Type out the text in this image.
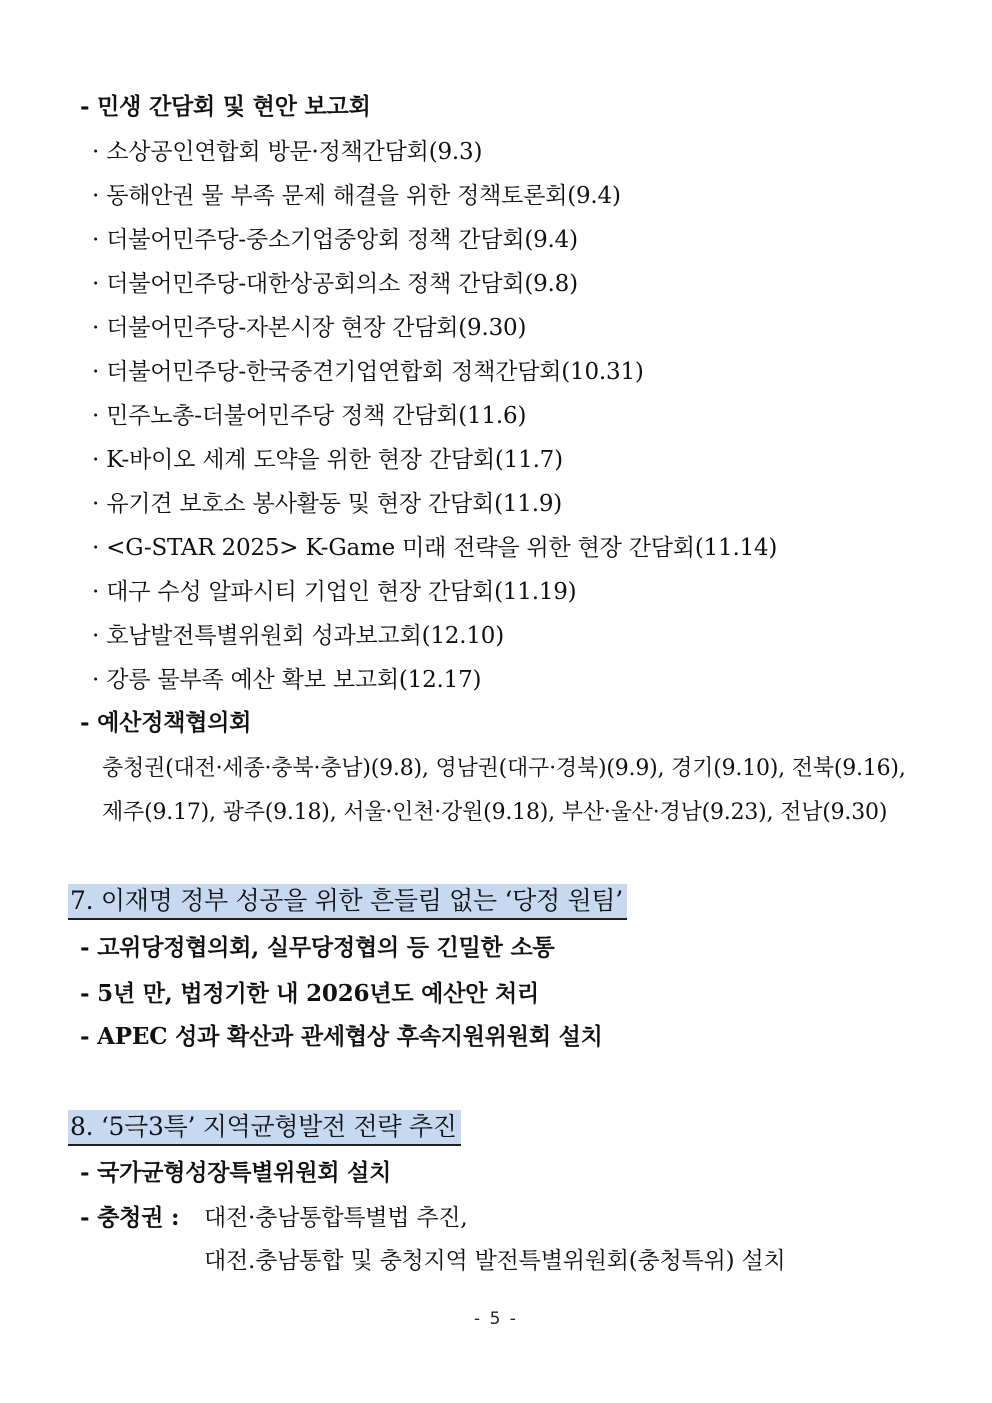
- 민생 간담회 및 현안 보고회
· 소상공인연합회 방문·정책간담회(9.3)
· 동해안권 물 부족 문제 해결을 위한 정책토론회(9.4)
· 더불어민주당-중소기업중앙회 정책 간담회(9.4)
· 더불어민주당-대한상공회의소 정책 간담회(9.8)
· 더불어민주당-자본시장 현장 간담회(9.30)
· 더불어민주당-한국중견기업연합회 정책간담회(10.31)
· 민주노총-더불어민주당 정책 간담회(11.6)
· K-바이오 세계 도약을 위한 현장 간담회(11.7)
· 유기견 보호소 봉사활동 및 현장 간담회(11.9)
· <G-STAR 2025> K-Game 미래 전략을 위한 현장 간담회(11.14)
· 대구 수성 알파시티 기업인 현장 간담회(11.19)
· 호남발전특별위원회 성과보고회(12.10)
· 강릉 물부족 예산 확보 보고회(12.17)
- 예산정책협의회
충청권(대전·세종·충북·충남)(9.8), 영남권(대구·경북)(9.9), 경기(9.10), 전북(9.16),
제주(9.17), 광주(9.18), 서울·인천·강원(9.18), 부산·울산·경남(9.23), 전남(9.30)
7. 이재명 정부 성공을 위한 흔들림 없는 ‘당정 원팀’
- 고위당정협의회, 실무당정협의 등 긴밀한 소통
- 5년 만, 법정기한 내 2026년도 예산안 처리
- APEC 성과 확산과 관세협상 후속지원위원회 설치
8. ‘5극3특’ 지역균형발전 전략 추진
- 국가균형성장특별위원회 설치
- 충청권 : 대전·충남통합특별법 추진,
대전.충남통합 및 충청지역 발전특별위원회(충청특위) 설치
- 5 -
